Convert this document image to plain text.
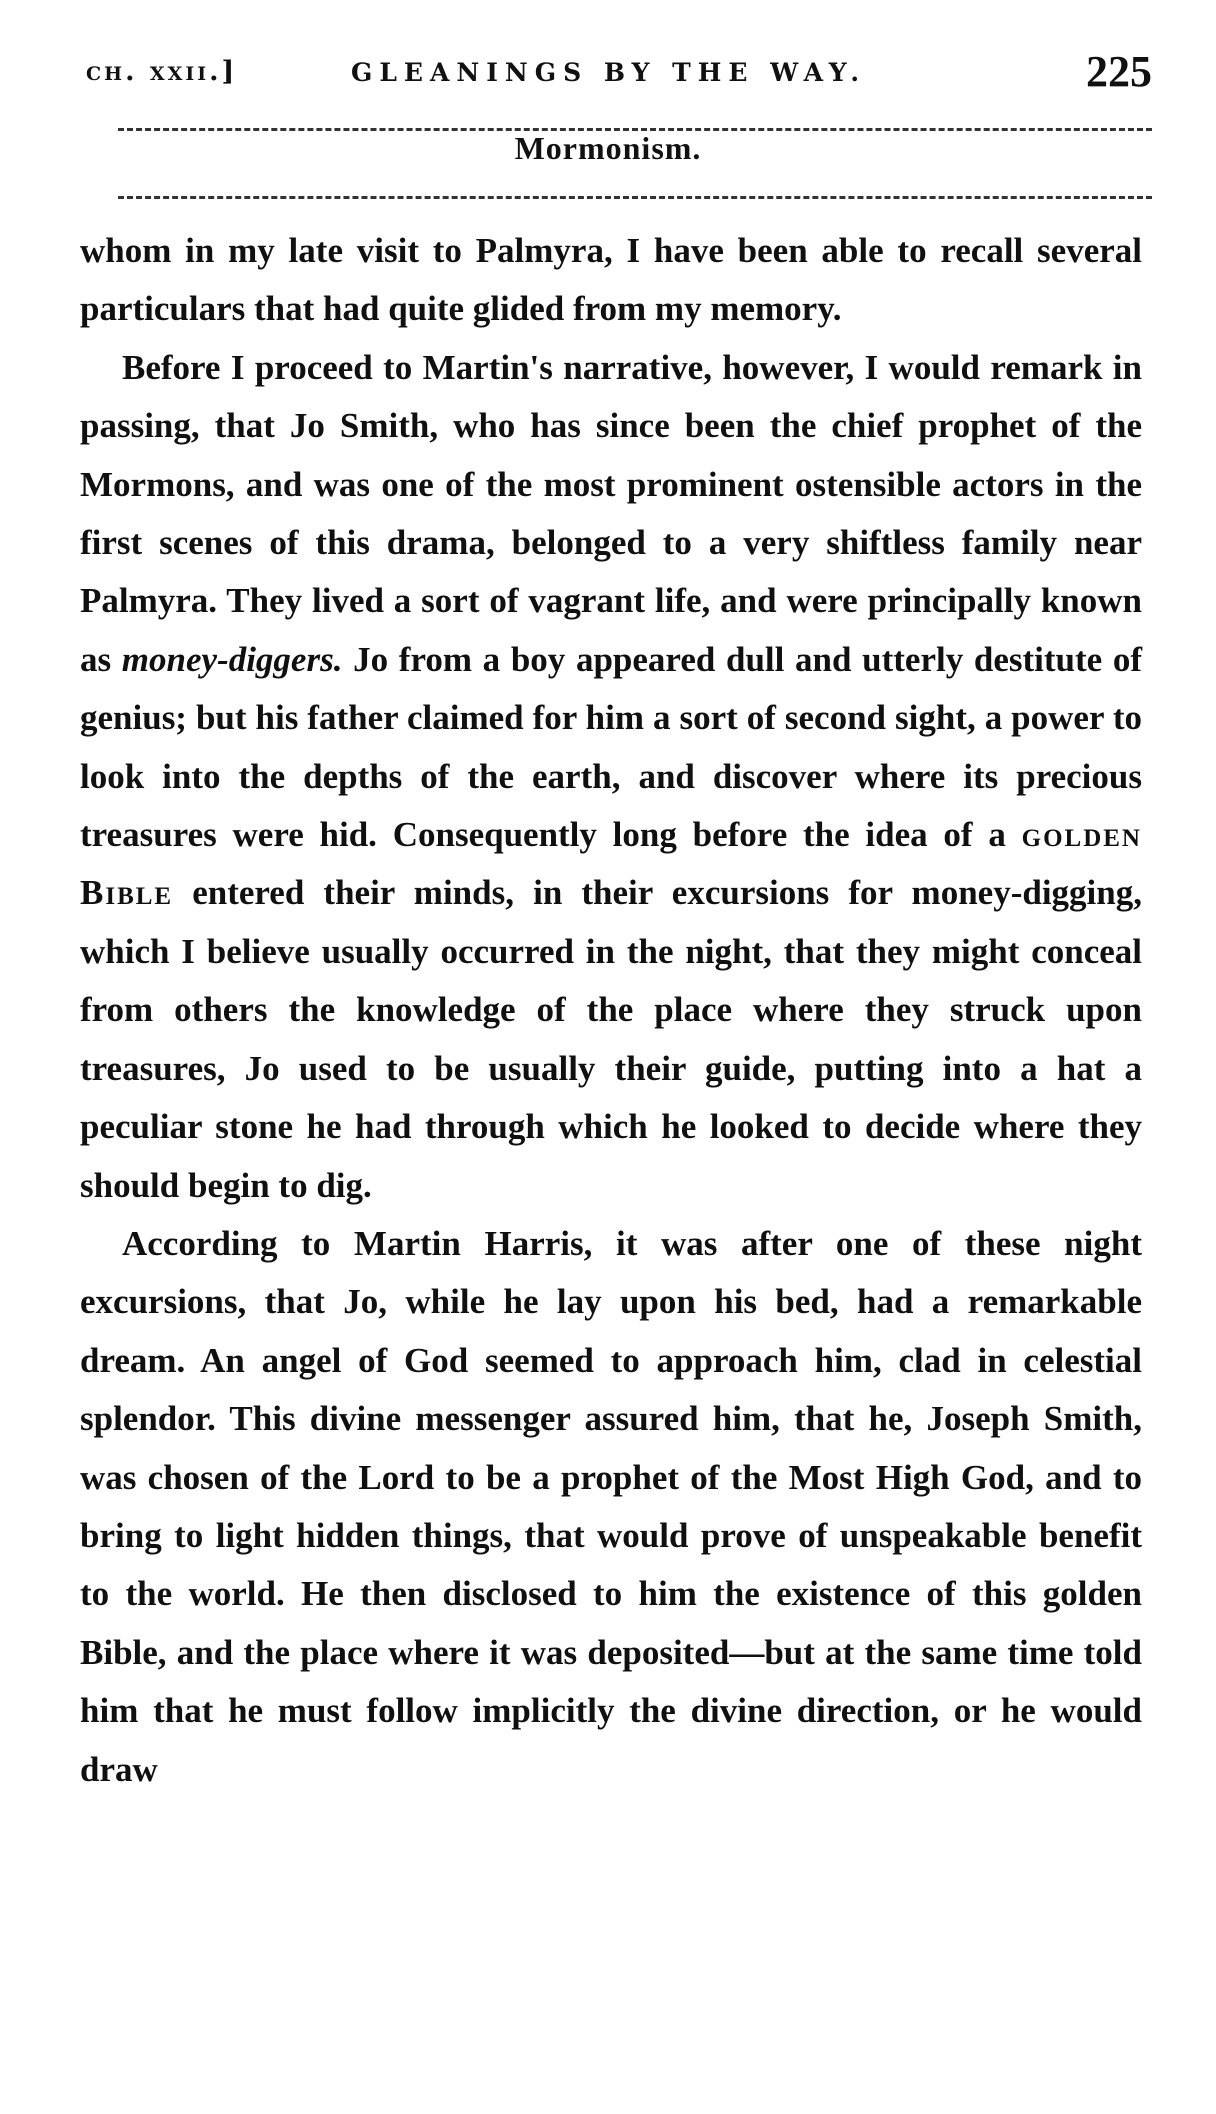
ch. xxii.]	GLEANINGS BY THE WAY.	225
Mormonism.

whom in my late visit to Palmyra, I have been able to recall several particulars that had quite glided from my memory.

Before I proceed to Martin's narrative, however, I would remark in passing, that Jo Smith, who has since been the chief prophet of the Mormons, and was one of the most prominent ostensible actors in the first scenes of this drama, belonged to a very shiftless family near Palmyra. They lived a sort of vagrant life, and were principally known as money-diggers. Jo from a boy appeared dull and utterly destitute of genius; but his father claimed for him a sort of second sight, a power to look into the depths of the earth, and discover where its precious treasures were hid. Consequently long before the idea of a golden Bible entered their minds, in their excursions for money-digging, which I believe usually occurred in the night, that they might conceal from others the knowledge of the place where they struck upon treasures, Jo used to be usually their guide, putting into a hat a peculiar stone he had through which he looked to decide where they should begin to dig.

According to Martin Harris, it was after one of these night excursions, that Jo, while he lay upon his bed, had a remarkable dream. An angel of God seemed to approach him, clad in celestial splendor. This divine messenger assured him, that he, Joseph Smith, was chosen of the Lord to be a prophet of the Most High God, and to bring to light hidden things, that would prove of unspeakable benefit to the world. He then disclosed to him the existence of this golden Bible, and the place where it was deposited—but at the same time told him that he must follow implicitly the divine direction, or he would draw
